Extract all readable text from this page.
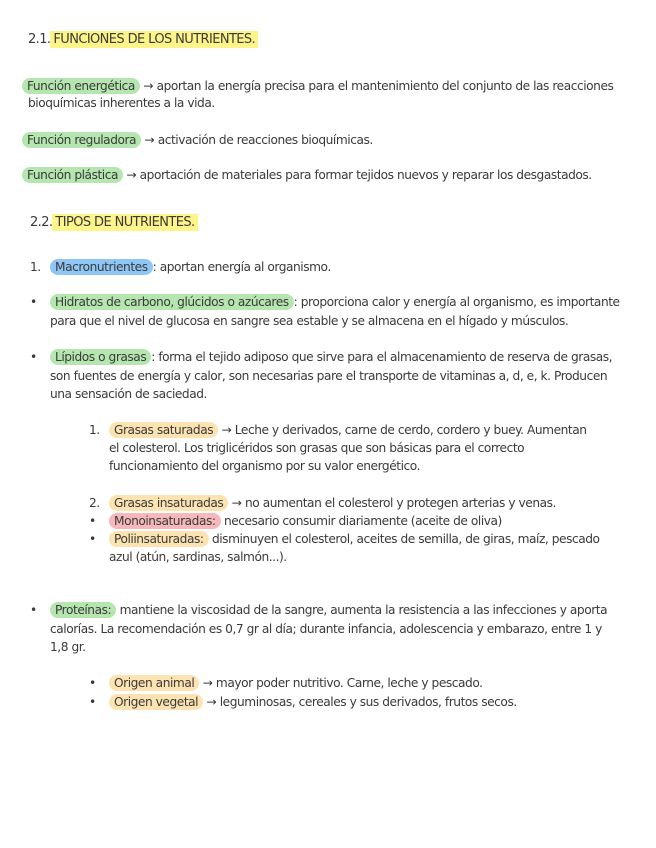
2.1. FUNCIONES DE LOS NUTRIENTES.
Función energética → aportan la energía precisa para el mantenimiento del conjunto de las reacciones
bioquímicas inherentes a la vida.
Función reguladora → activación de reacciones bioquímicas.
Función plástica → aportación de materiales para formar tejidos nuevos y reparar los desgastados.
2.2. TIPOS DE NUTRIENTES.
1. Macronutrientes : aportan energía al organismo.
• Hidratos de carbono, glúcidos o azúcares : proporciona calor y energía al organismo, es importante
para que el nivel de glucosa en sangre sea estable y se almacena en el hígado y músculos.
• Lípidos o grasas : forma el tejido adiposo que sirve para el almacenamiento de reserva de grasas,
son fuentes de energía y calor, son necesarias pare el transporte de vitaminas a, d, e, k. Producen
una sensación de saciedad.
1. Grasas saturadas → Leche y derivados, carne de cerdo, cordero y buey. Aumentan
el colesterol. Los triglicéridos son grasas que son básicas para el correcto
funcionamiento del organismo por su valor energético.
2. Grasas insaturadas → no aumentan el colesterol y protegen arterias y venas.
• Monoinsaturadas: necesario consumir diariamente (aceite de oliva)
• Poliinsaturadas: disminuyen el colesterol, aceites de semilla, de giras, maíz, pescado
azul (atún, sardinas, salmón...).
• Proteínas: mantiene la viscosidad de la sangre, aumenta la resistencia a las infecciones y aporta
calorías. La recomendación es 0,7 gr al día; durante infancia, adolescencia y embarazo, entre 1 y
1,8 gr.
• Origen animal → mayor poder nutritivo. Carne, leche y pescado.
• Origen vegetal → leguminosas, cereales y sus derivados, frutos secos.
